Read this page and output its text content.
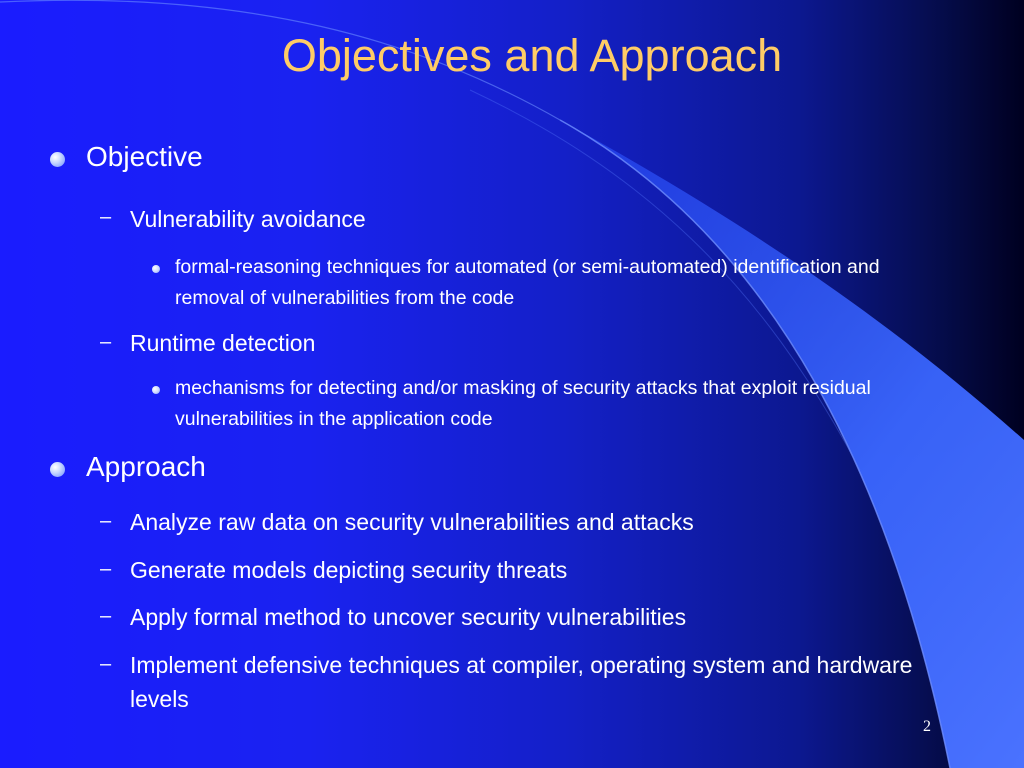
Objectives and Approach
Objective
– Vulnerability avoidance
formal-reasoning techniques for automated (or semi-automated) identification and removal of vulnerabilities from the code
– Runtime detection
mechanisms for detecting and/or masking of security attacks that exploit residual vulnerabilities in the application code
Approach
– Analyze raw data on security vulnerabilities and attacks
– Generate models depicting security threats
– Apply formal method to uncover security vulnerabilities
– Implement defensive techniques at compiler, operating system and hardware levels
2
